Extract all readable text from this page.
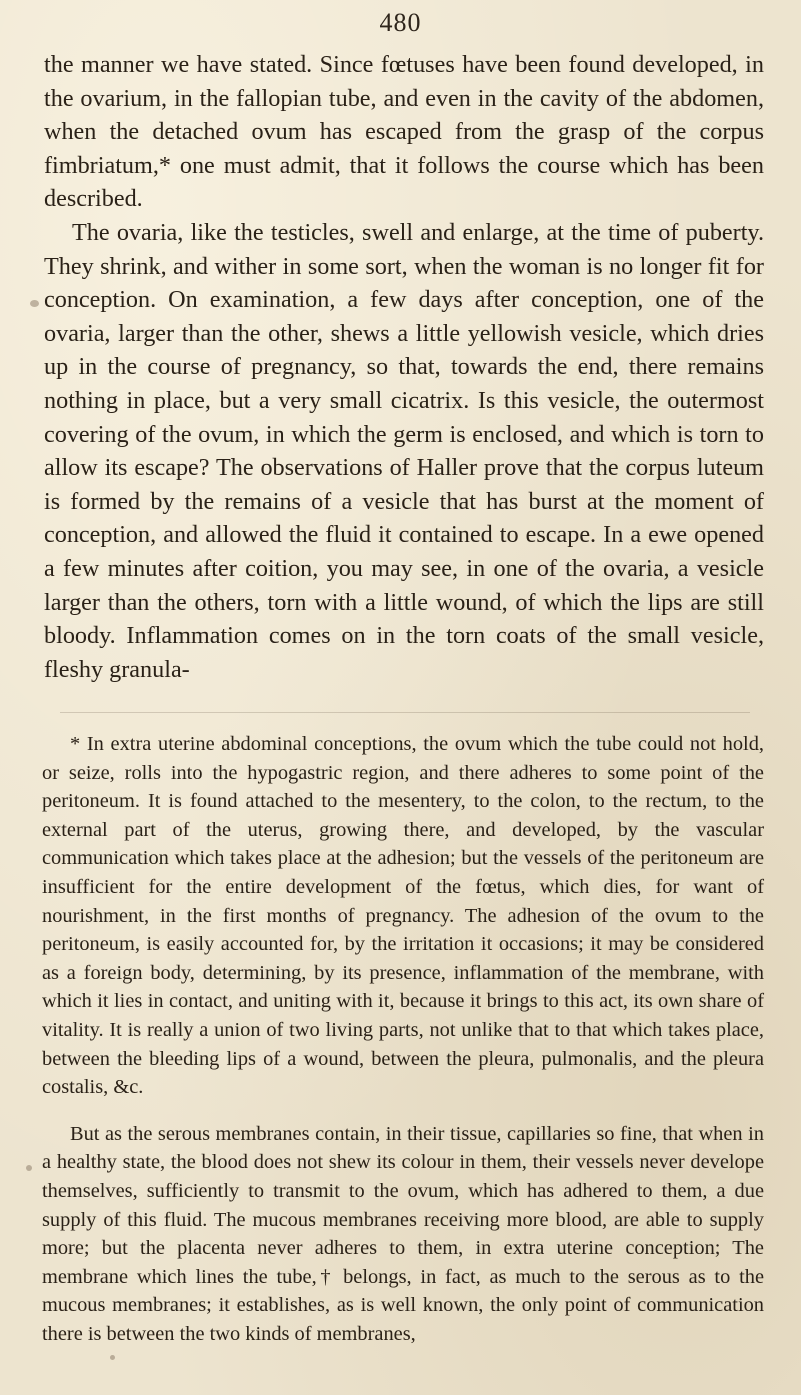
480

the manner we have stated. Since fœtuses have been found developed, in the ovarium, in the fallopian tube, and even in the cavity of the abdomen, when the detached ovum has escaped from the grasp of the corpus fimbriatum,* one must admit, that it follows the course which has been described.

The ovaria, like the testicles, swell and enlarge, at the time of puberty. They shrink, and wither in some sort, when the woman is no longer fit for conception. On examination, a few days after conception, one of the ovaria, larger than the other, shews a little yellowish vesicle, which dries up in the course of pregnancy, so that, towards the end, there remains nothing in place, but a very small cicatrix. Is this vesicle, the outermost covering of the ovum, in which the germ is enclosed, and which is torn to allow its escape? The observations of Haller prove that the corpus luteum is formed by the remains of a vesicle that has burst at the moment of conception, and allowed the fluid it contained to escape. In a ewe opened a few minutes after coition, you may see, in one of the ovaria, a vesicle larger than the others, torn with a little wound, of which the lips are still bloody. Inflammation comes on in the torn coats of the small vesicle, fleshy granula-

* In extra uterine abdominal conceptions, the ovum which the tube could not hold, or seize, rolls into the hypogastric region, and there adheres to some point of the peritoneum. It is found attached to the mesentery, to the colon, to the rectum, to the external part of the uterus, growing there, and developed, by the vascular communication which takes place at the adhesion; but the vessels of the peritoneum are insufficient for the entire development of the fœtus, which dies, for want of nourishment, in the first months of pregnancy. The adhesion of the ovum to the peritoneum, is easily accounted for, by the irritation it occasions; it may be considered as a foreign body, determining, by its presence, inflammation of the membrane, with which it lies in contact, and uniting with it, because it brings to this act, its own share of vitality. It is really a union of two living parts, not unlike that to that which takes place, between the bleeding lips of a wound, between the pleura, pulmonalis, and the pleura costalis, &c.

But as the serous membranes contain, in their tissue, capillaries so fine, that when in a healthy state, the blood does not shew its colour in them, their vessels never develope themselves, sufficiently to transmit to the ovum, which has adhered to them, a due supply of this fluid. The mucous membranes receiving more blood, are able to supply more; but the placenta never adheres to them, in extra uterine conception; The membrane which lines the tube,† belongs, in fact, as much to the serous as to the mucous membranes; it establishes, as is well known, the only point of communication there is between the two kinds of membranes,
